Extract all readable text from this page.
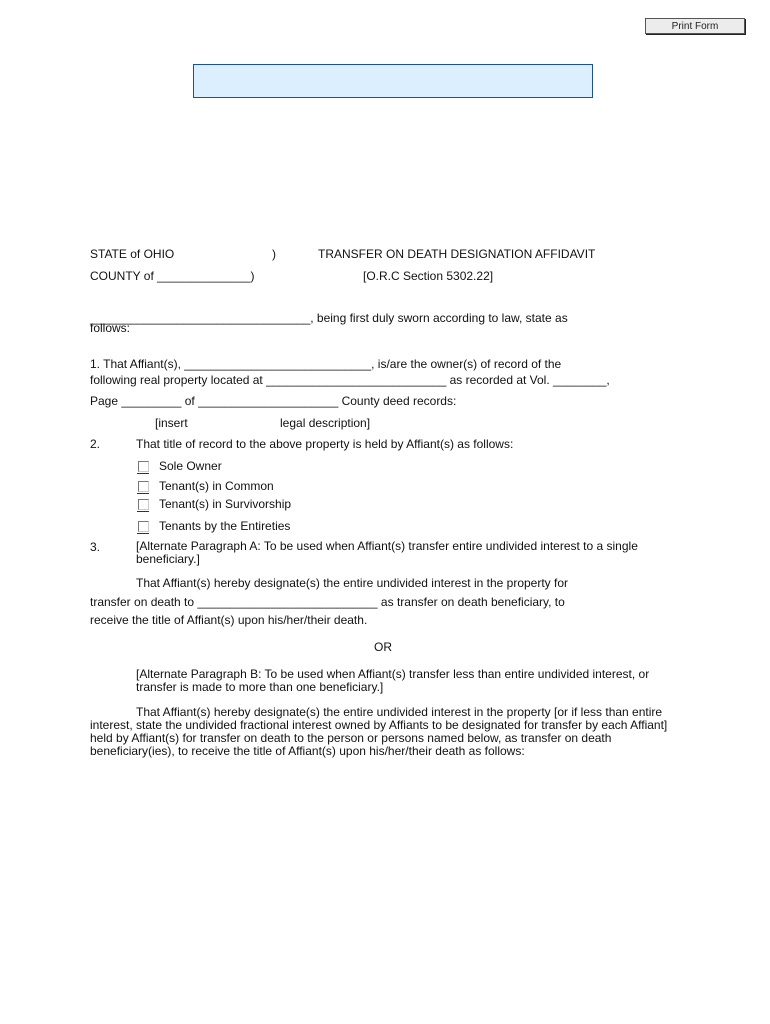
Print Form
STATE of OHIO	)	TRANSFER ON DEATH DESIGNATION AFFIDAVIT
COUNTY of ______________)	[O.R.C Section 5302.22]
_________________________________, being first duly sworn according to law, state as
follows:
1. That Affiant(s), ____________________________, is/are the owner(s) of record of the
following real property located at ___________________________ as recorded at Vol. ________,
Page _________ of _____________________ County deed records:
[insert	legal description]
2.	That title of record to the above property is held by Affiant(s) as follows:
Sole Owner
Tenant(s) in Common
Tenant(s) in Survivorship
Tenants by the Entireties
3.	[Alternate Paragraph A: To be used when Affiant(s) transfer entire undivided interest to a single beneficiary.]
That Affiant(s) hereby designate(s) the entire undivided interest in the property for
transfer on death to ___________________________ as transfer on death beneficiary, to
receive the title of Affiant(s) upon his/her/their death.
OR
[Alternate Paragraph B: To be used when Affiant(s) transfer less than entire undivided interest, or transfer is made to more than one beneficiary.]
That Affiant(s) hereby designate(s) the entire undivided interest in the property [or if less than entire interest, state the undivided fractional interest owned by Affiants to be designated for transfer by each Affiant] held by Affiant(s) for transfer on death to the person or persons named below, as transfer on death beneficiary(ies), to receive the title of Affiant(s) upon his/her/their death as follows:
